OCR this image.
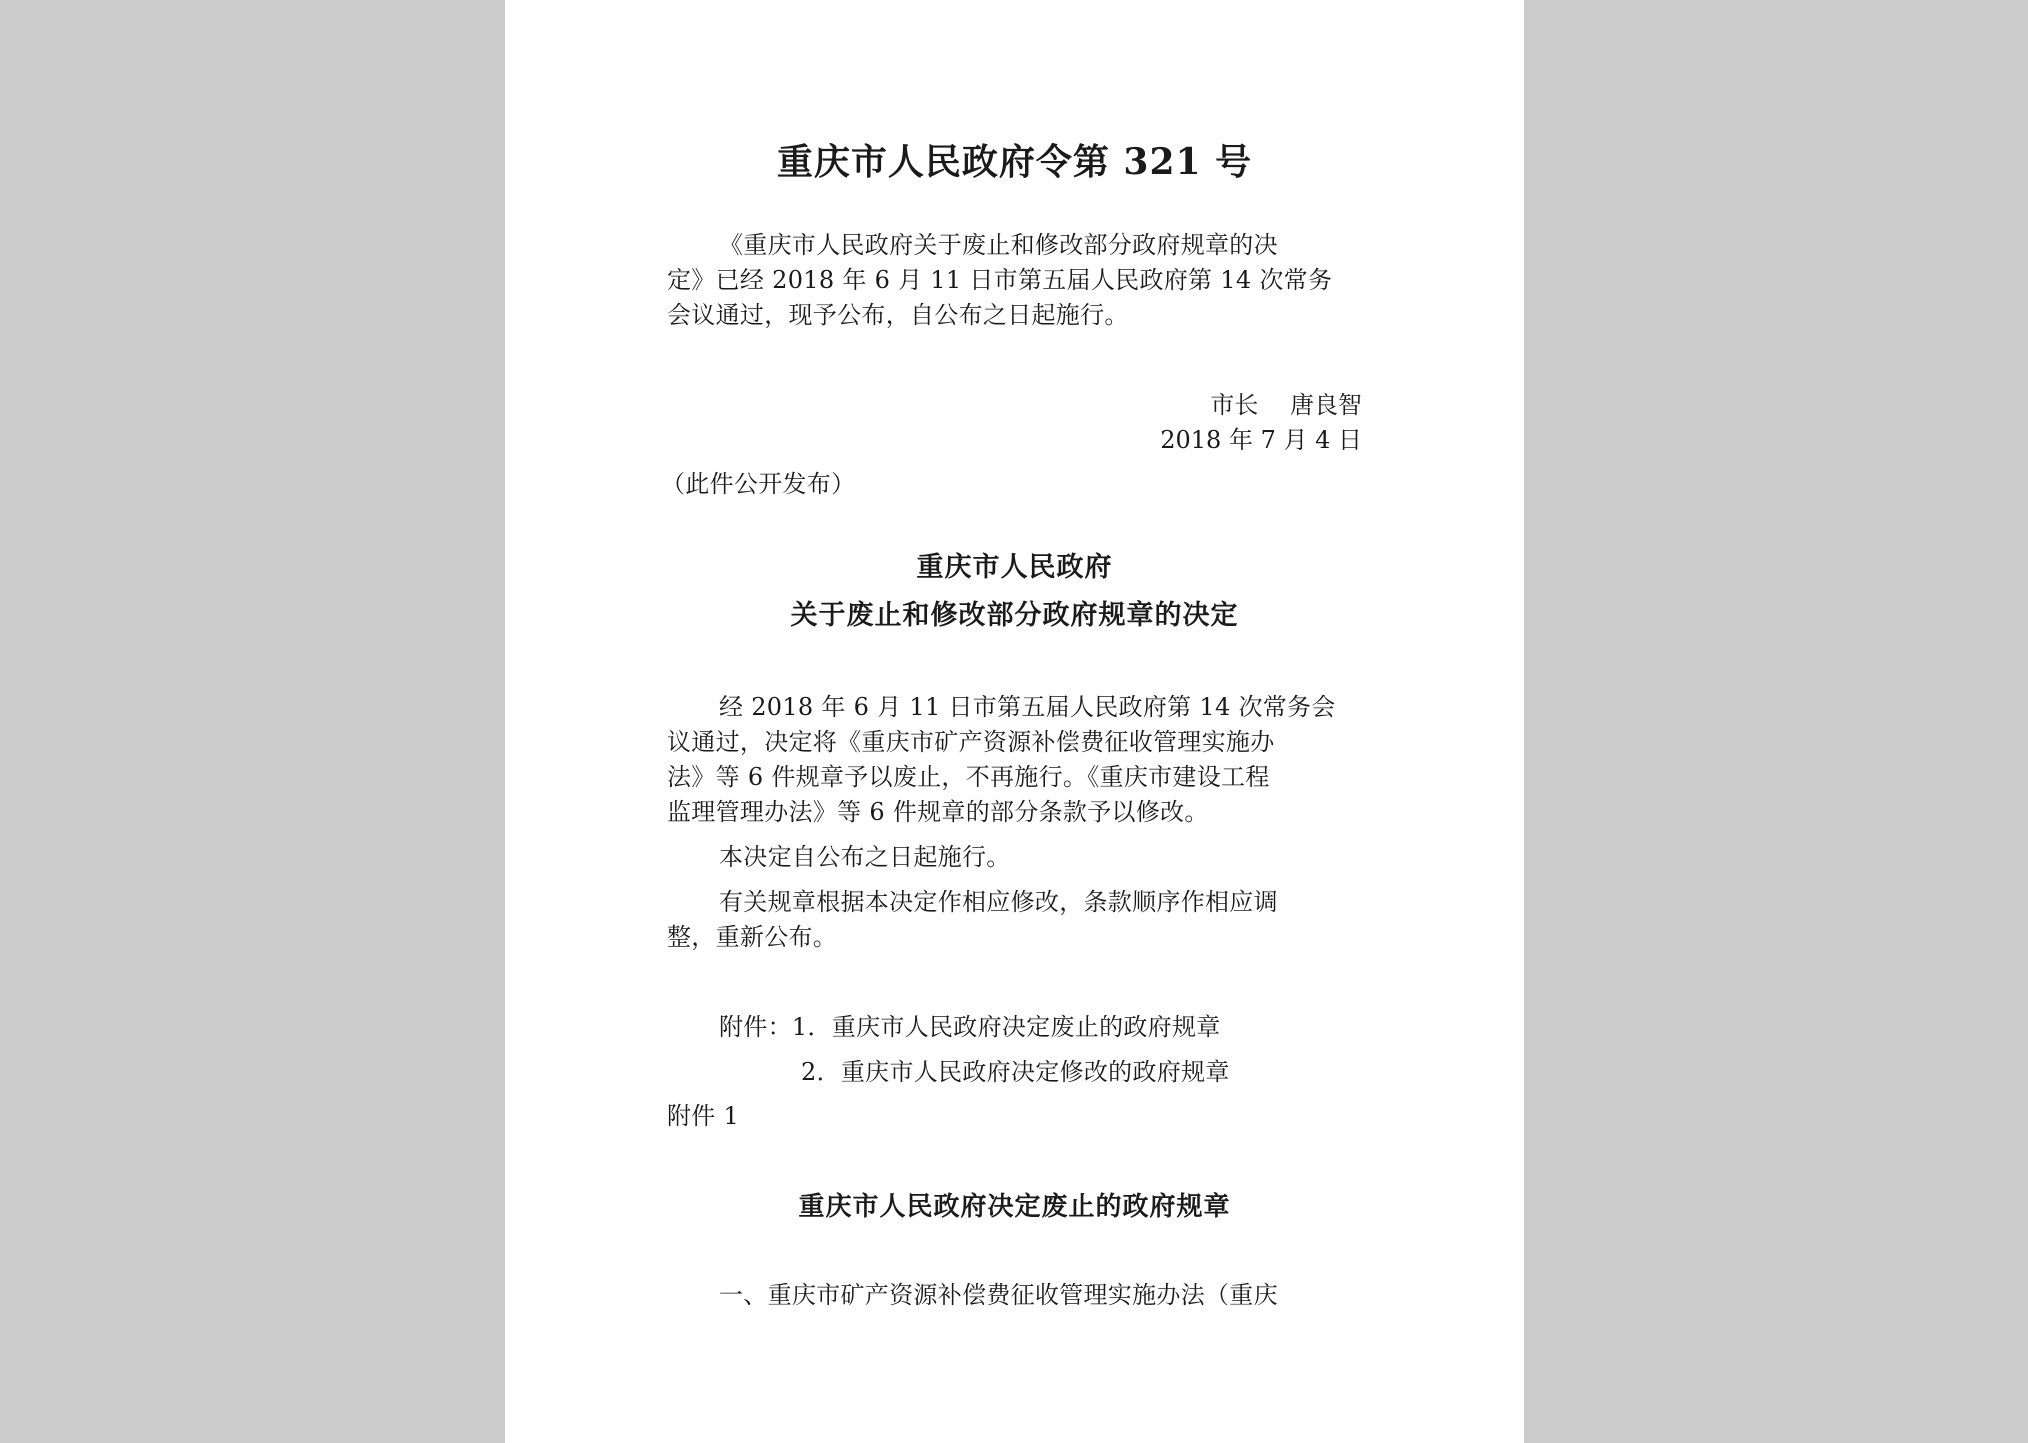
重庆市人民政府令第 321 号

《重庆市人民政府关于废止和修改部分政府规章的决

定》已经 2018 年 6 月 11 日市第五届人民政府第 14 次常务

会议通过，现予公布，自公布之日起施行。

市长　 唐良智

2018 年 7 月 4 日

（此件公开发布）

重庆市人民政府
关于废止和修改部分政府规章的决定

经 2018 年 6 月 11 日市第五届人民政府第 14 次常务会

议通过，决定将《重庆市矿产资源补偿费征收管理实施办

法》等 6 件规章予以废止，不再施行。《重庆市建设工程

监理管理办法》等 6 件规章的部分条款予以修改。

本决定自公布之日起施行。

有关规章根据本决定作相应修改，条款顺序作相应调

整，重新公布。

附件：1．重庆市人民政府决定废止的政府规章

2．重庆市人民政府决定修改的政府规章

附件 1

重庆市人民政府决定废止的政府规章

一、重庆市矿产资源补偿费征收管理实施办法（重庆
